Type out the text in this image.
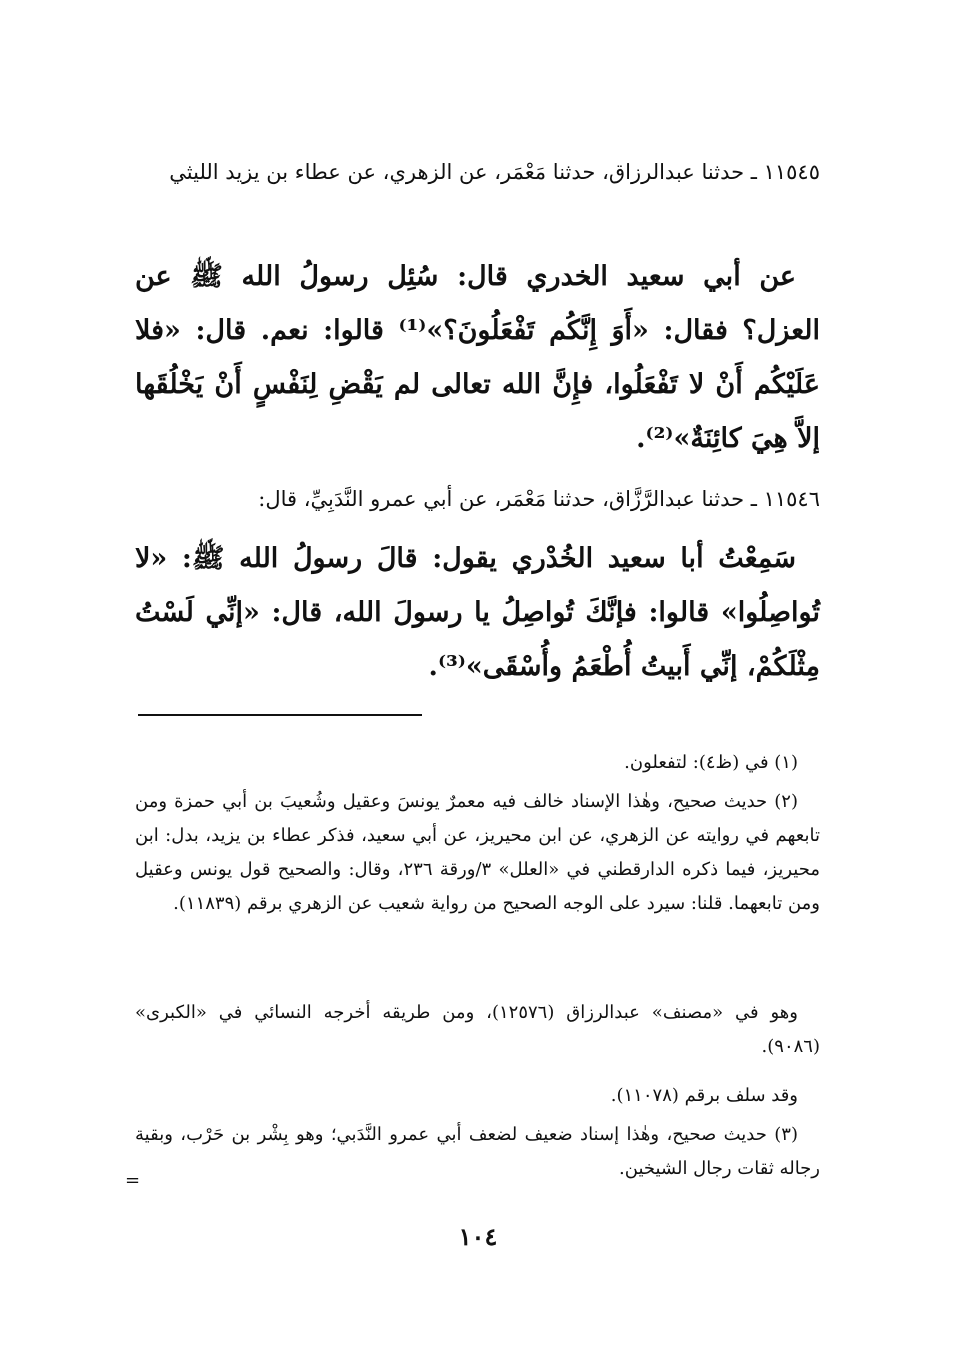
١١٥٤٥ ـ حدثنا عبدالرزاق، حدثنا مَعْمَر، عن الزهري، عن عطاء بن يزيد الليثي
عن أبي سعيد الخدري قال: سُئِل رسولُ الله ﷺ عن العزل؟ فقال: «أَوَ إِنَّكُم تَفْعَلُونَ؟»⁽¹⁾ قالوا: نعم. قال: «فلا عَلَيْكُم أَنْ لا تَفْعَلُوا، فإِنَّ الله تعالى لم يَقْضِ لِنَفْسٍ أَنْ يَخْلُقَها إلاَّ هِيَ كائِنَةٌ»⁽²⁾.
١١٥٤٦ ـ حدثنا عبدالرَّزَّاق، حدثنا مَعْمَر، عن أبي عمرو النَّدَبِيِّ، قال:
سَمِعْتُ أبا سعيد الخُدْري يقول: قالَ رسولُ الله ﷺ: «لا تُواصِلُوا» قالوا: فإنَّكَ تُواصِلُ يا رسولَ الله، قال: «إنِّي لَسْتُ مِثْلَكُمْ، إنِّي أَبيتُ أُطْعَمُ وأُسْقَى»⁽³⁾.
(١) في (ظ٤): لتفعلون.
(٢) حديث صحيح، وهٰذا الإسناد خالف فيه معمرٌ يونسَ وعقيل وشُعيبَ بن أبي حمزة ومن تابعهم في روايته عن الزهري، عن ابن محيريز، عن أبي سعيد، فذكر عطاء بن يزيد، بدل: ابن محيريز، فيما ذكره الدارقطني في «العلل» ٣/ورقة ٢٣٦، وقال: والصحيح قول يونس وعقيل ومن تابعهما. قلنا: سيرد على الوجه الصحيح من رواية شعيب عن الزهري برقم (١١٨٣٩).
وهو في «مصنف» عبدالرزاق (١٢٥٧٦)، ومن طريقه أخرجه النسائي في «الكبرى» (٩٠٨٦).
وقد سلف برقم (١١٠٧٨).
(٣) حديث صحيح، وهٰذا إسناد ضعيف لضعف أبي عمرو النَّدَبي؛ وهو بِشْر بن حَرْب، وبقية رجاله ثقات رجال الشيخين.
=
١٠٤
